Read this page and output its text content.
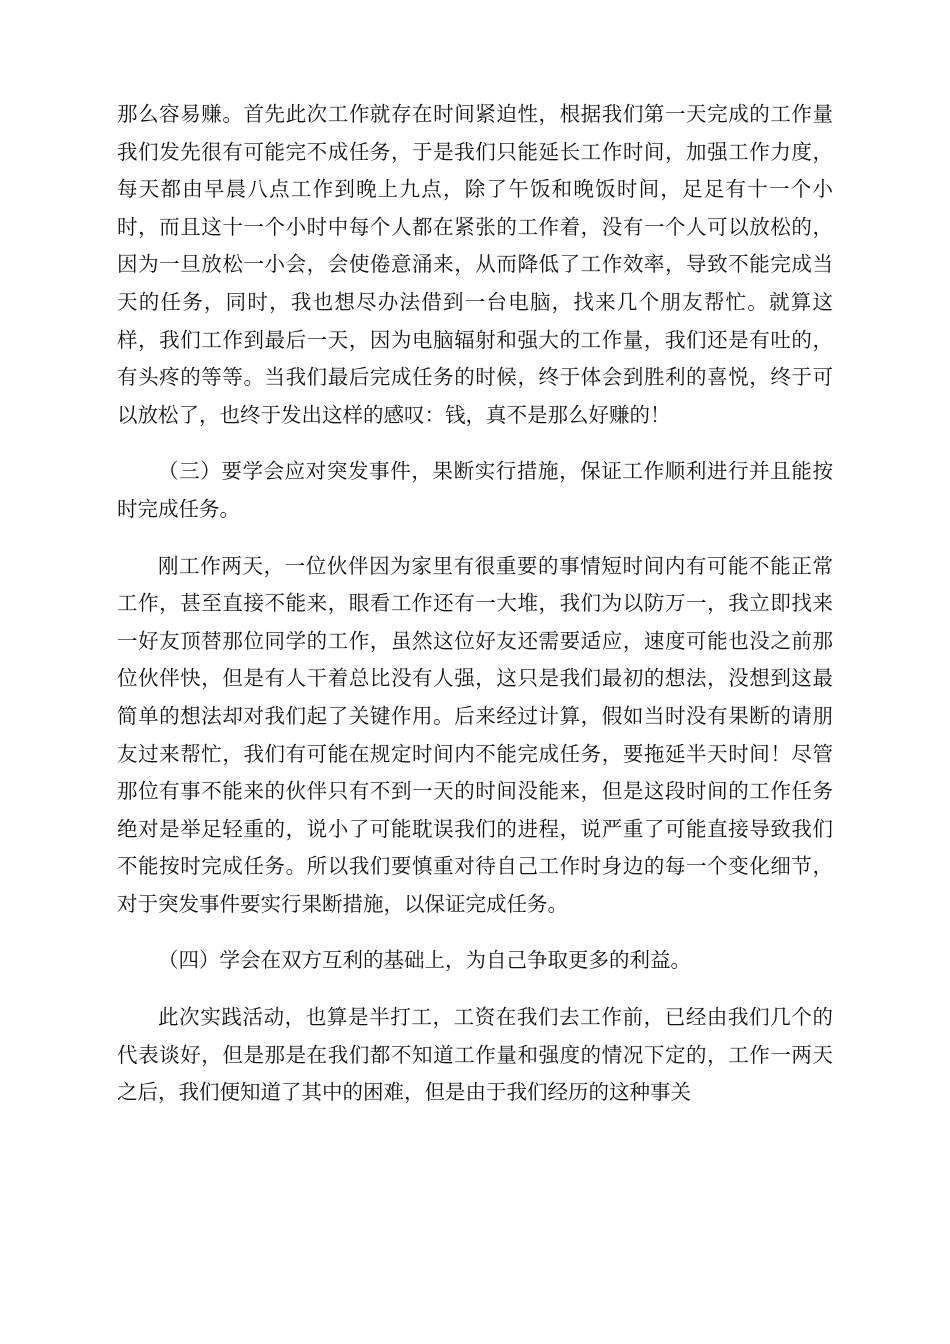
那么容易赚。首先此次工作就存在时间紧迫性，根据我们第一天完成的工作量我们发先很有可能完不成任务，于是我们只能延长工作时间，加强工作力度，每天都由早晨八点工作到晚上九点，除了午饭和晚饭时间，足足有十一个小时，而且这十一个小时中每个人都在紧张的工作着，没有一个人可以放松的，因为一旦放松一小会，会使倦意涌来，从而降低了工作效率，导致不能完成当天的任务，同时，我也想尽办法借到一台电脑，找来几个朋友帮忙。就算这样，我们工作到最后一天，因为电脑辐射和强大的工作量，我们还是有吐的，有头疼的等等。当我们最后完成任务的时候，终于体会到胜利的喜悦，终于可以放松了，也终于发出这样的感叹：钱，真不是那么好赚的！

（三）要学会应对突发事件，果断实行措施，保证工作顺利进行并且能按时完成任务。

刚工作两天，一位伙伴因为家里有很重要的事情短时间内有可能不能正常工作，甚至直接不能来，眼看工作还有一大堆，我们为以防万一，我立即找来一好友顶替那位同学的工作，虽然这位好友还需要适应，速度可能也没之前那位伙伴快，但是有人干着总比没有人强，这只是我们最初的想法，没想到这最简单的想法却对我们起了关键作用。后来经过计算，假如当时没有果断的请朋友过来帮忙，我们有可能在规定时间内不能完成任务，要拖延半天时间！尽管那位有事不能来的伙伴只有不到一天的时间没能来，但是这段时间的工作任务绝对是举足轻重的，说小了可能耽误我们的进程，说严重了可能直接导致我们不能按时完成任务。所以我们要慎重对待自己工作时身边的每一个变化细节，对于突发事件要实行果断措施，以保证完成任务。

（四）学会在双方互利的基础上，为自己争取更多的利益。

此次实践活动，也算是半打工，工资在我们去工作前，已经由我们几个的代表谈好，但是那是在我们都不知道工作量和强度的情况下定的，工作一两天之后，我们便知道了其中的困难，但是由于我们经历的这种事关
